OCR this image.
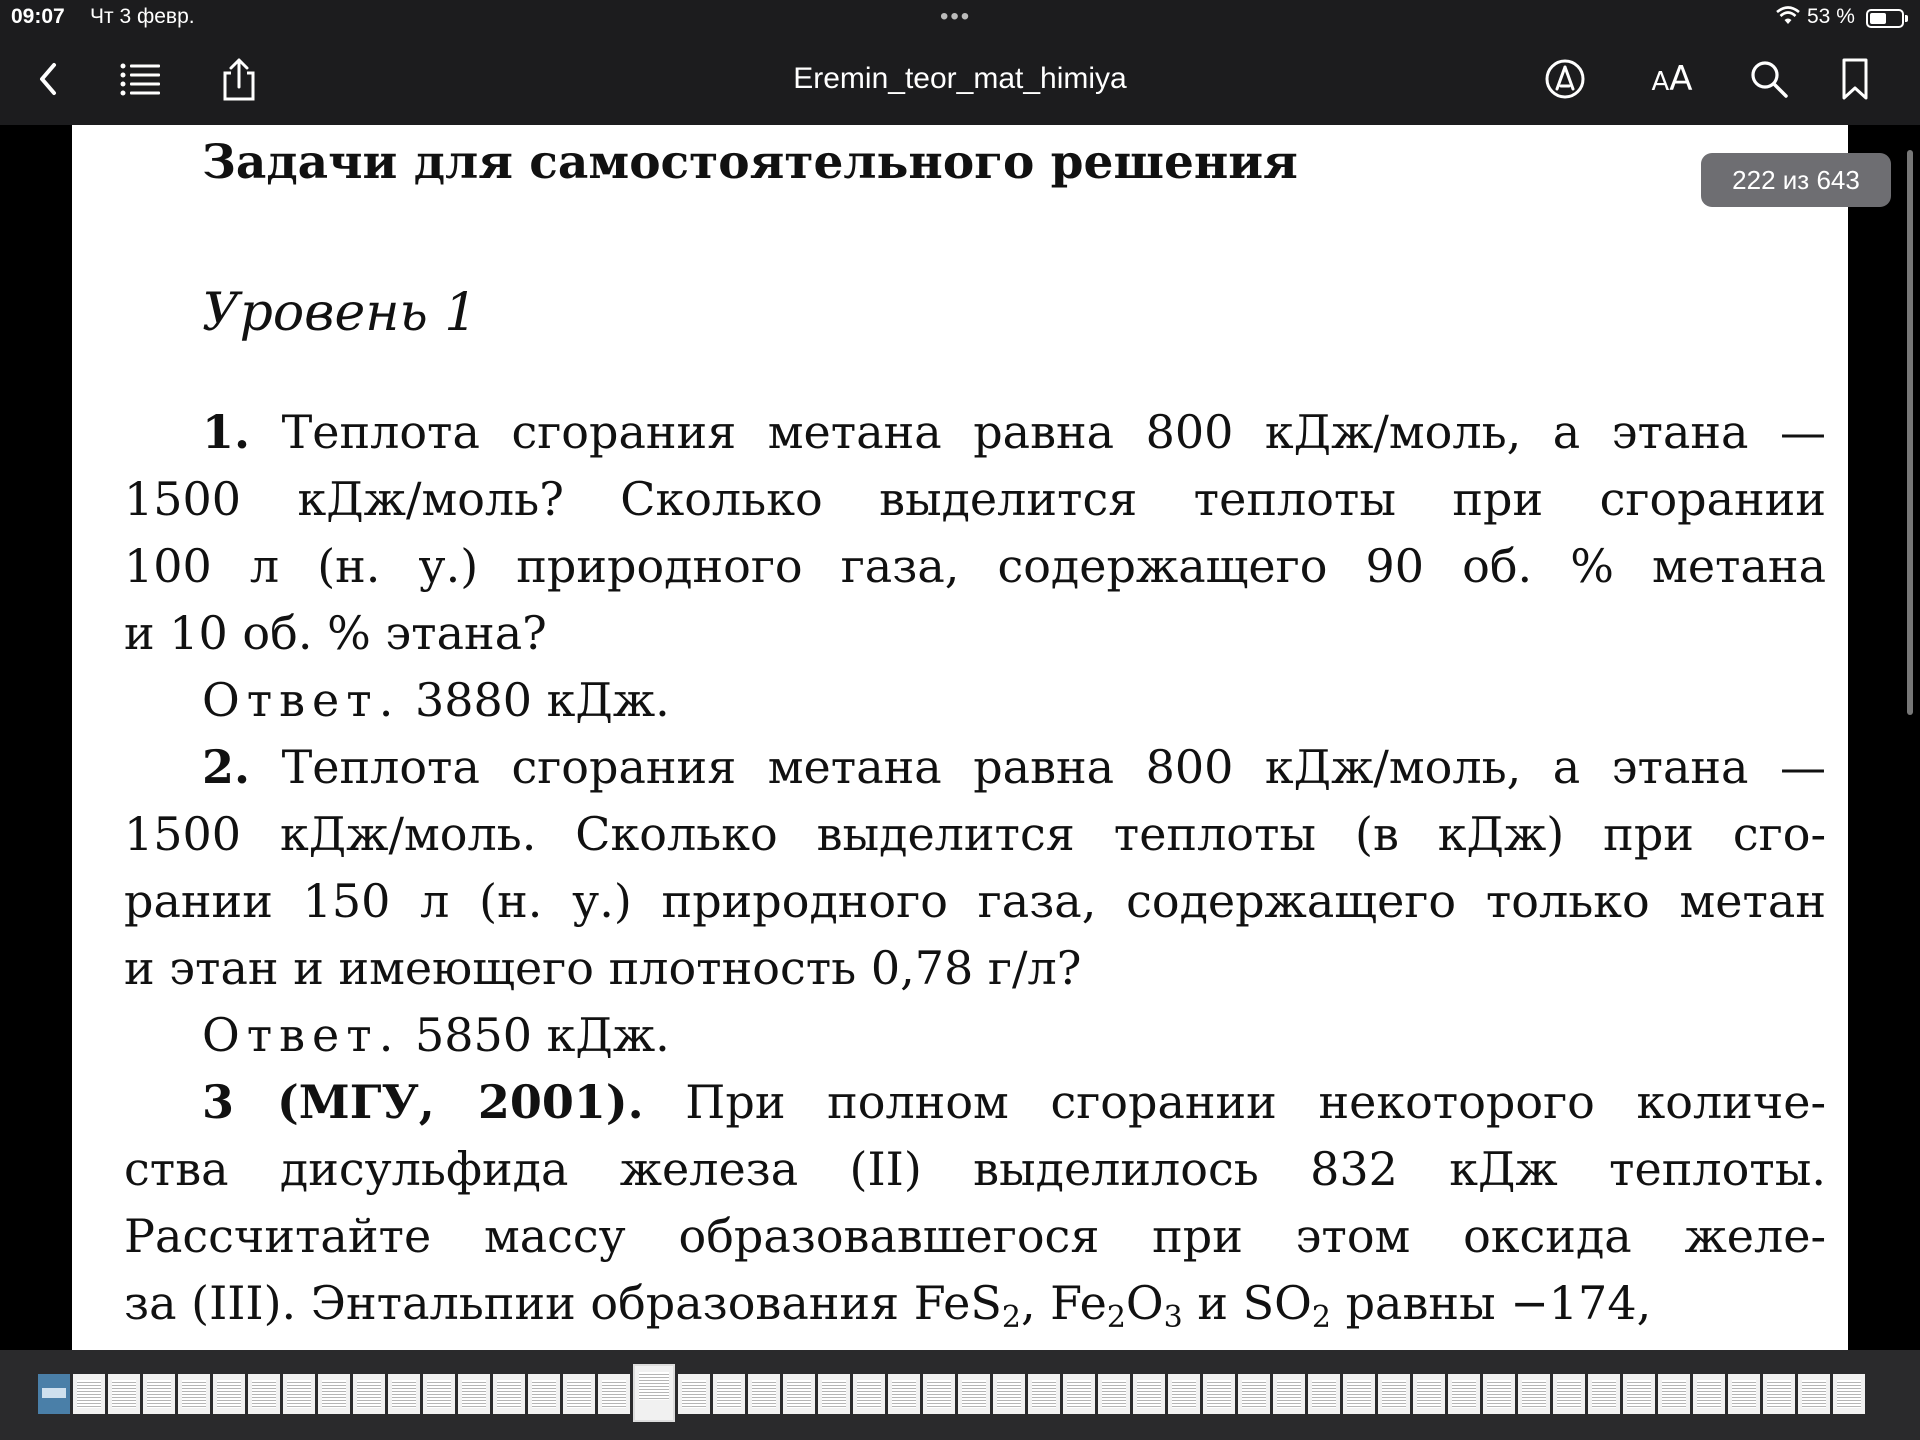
09:07 Чт 3 февр.	•••	53 %
Eremin_teor_mat_himiya	AA
Задачи для самостоятельного решения
Уровень 1
1. Теплота сгорания метана равна 800 кДж/моль, а этана —
1500 кДж/моль? Сколько выделится теплоты при сгорании
100 л (н. у.) природного газа, содержащего 90 об. % метана
и 10 об. % этана?
Ответ. 3880 кДж.
2. Теплота сгорания метана равна 800 кДж/моль, а этана —
1500 кДж/моль. Сколько выделится теплоты (в кДж) при сго-
рании 150 л (н. у.) природного газа, содержащего только метан
и этан и имеющего плотность 0,78 г/л?
Ответ. 5850 кДж.
3 (МГУ, 2001). При полном сгорании некоторого количе-
ства дисульфида железа (II) выделилось 832 кДж теплоты.
Рассчитайте массу образовавшегося при этом оксида желе-
за (III). Энтальпии образования FeS$_2$, $Fe_2O_3$ и $SO_2$ равны −174,
222 из 643
